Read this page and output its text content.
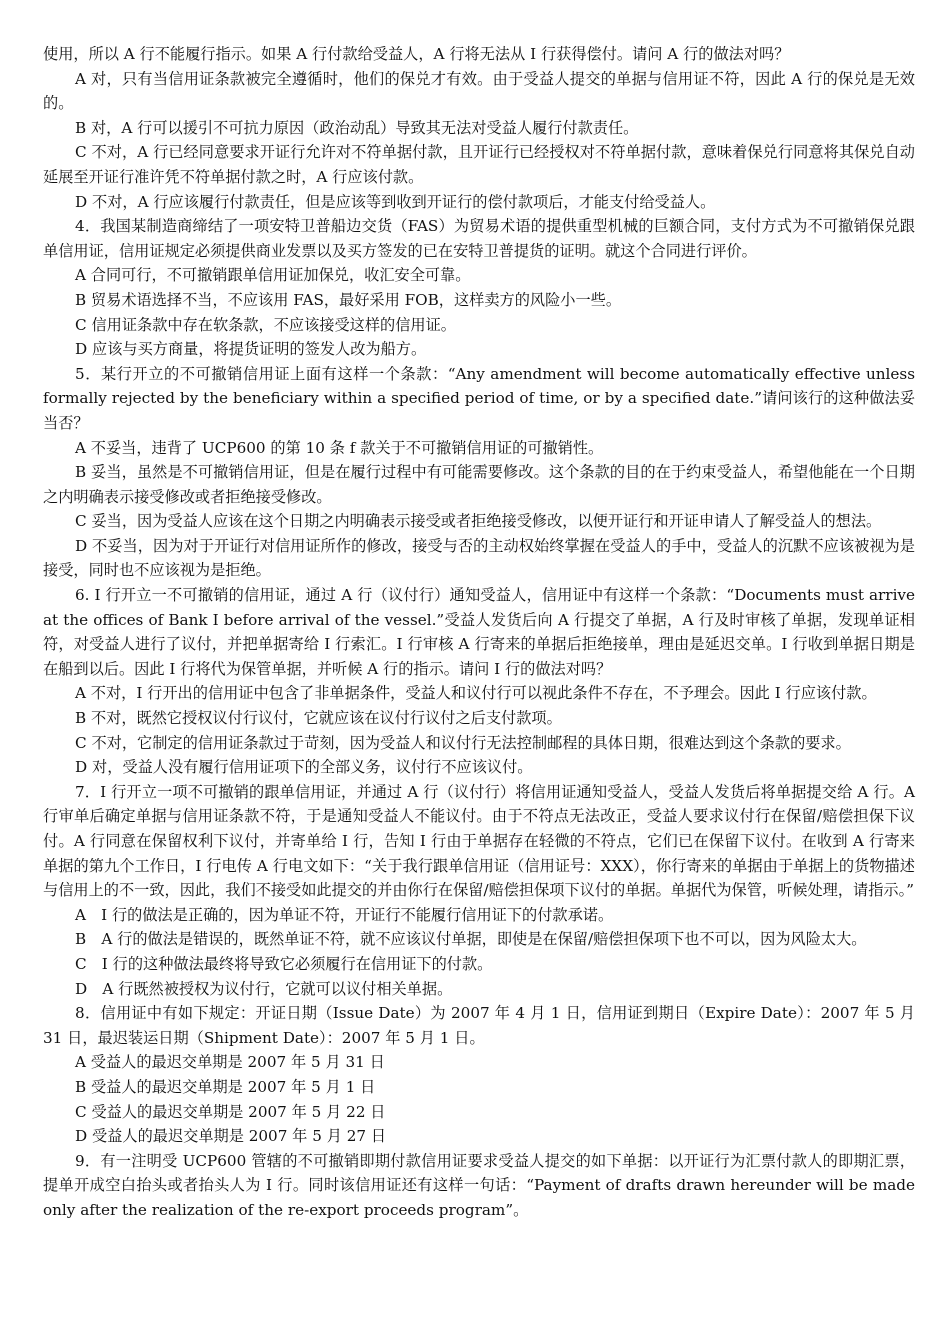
使用，所以 A 行不能履行指示。如果 A 行付款给受益人，A 行将无法从 I 行获得偿付。请问 A 行的做法对吗？

A 对，只有当信用证条款被完全遵循时，他们的保兑才有效。由于受益人提交的单据与信用证不符，因此 A 行的保兑是无效的。

B 对，A 行可以援引不可抗力原因（政治动乱）导致其无法对受益人履行付款责任。

C 不对，A 行已经同意要求开证行允许对不符单据付款，且开证行已经授权对不符单据付款，意味着保兑行同意将其保兑自动延展至开证行准许凭不符单据付款之时，A 行应该付款。

D 不对，A 行应该履行付款责任，但是应该等到收到开证行的偿付款项后，才能支付给受益人。

4．我国某制造商缔结了一项安特卫普船边交货（FAS）为贸易术语的提供重型机械的巨额合同，支付方式为不可撤销保兑跟单信用证，信用证规定必须提供商业发票以及买方签发的已在安特卫普提货的证明。就这个合同进行评价。

A 合同可行，不可撤销跟单信用证加保兑，收汇安全可靠。

B 贸易术语选择不当，不应该用 FAS，最好采用 FOB，这样卖方的风险小一些。

C 信用证条款中存在软条款，不应该接受这样的信用证。

D 应该与买方商量，将提货证明的签发人改为船方。

5．某行开立的不可撤销信用证上面有这样一个条款：“Any amendment will become automatically effective unless formally rejected by the beneficiary within a specified period of time, or by a specified date.”请问该行的这种做法妥当否？

A 不妥当，违背了 UCP600 的第 10 条 f 款关于不可撤销信用证的可撤销性。

B 妥当，虽然是不可撤销信用证，但是在履行过程中有可能需要修改。这个条款的目的在于约束受益人，希望他能在一个日期之内明确表示接受修改或者拒绝接受修改。

C 妥当，因为受益人应该在这个日期之内明确表示接受或者拒绝接受修改，以便开证行和开证申请人了解受益人的想法。

D 不妥当，因为对于开证行对信用证所作的修改，接受与否的主动权始终掌握在受益人的手中，受益人的沉默不应该被视为是接受，同时也不应该视为是拒绝。

6. I 行开立一不可撤销的信用证，通过 A 行（议付行）通知受益人，信用证中有这样一个条款：“Documents must arrive at the offices of Bank I before arrival of the vessel.”受益人发货后向 A 行提交了单据，A 行及时审核了单据，发现单证相符，对受益人进行了议付，并把单据寄给 I 行索汇。I 行审核 A 行寄来的单据后拒绝接单，理由是延迟交单。I 行收到单据日期是在船到以后。因此 I 行将代为保管单据，并听候 A 行的指示。请问 I 行的做法对吗？

A 不对，I 行开出的信用证中包含了非单据条件，受益人和议付行可以视此条件不存在，不予理会。因此 I 行应该付款。

B 不对，既然它授权议付行议付，它就应该在议付行议付之后支付款项。

C 不对，它制定的信用证条款过于苛刻，因为受益人和议付行无法控制邮程的具体日期，很难达到这个条款的要求。

D 对，受益人没有履行信用证项下的全部义务，议付行不应该议付。

7．I 行开立一项不可撤销的跟单信用证，并通过 A 行（议付行）将信用证通知受益人，受益人发货后将单据提交给 A 行。A 行审单后确定单据与信用证条款不符，于是通知受益人不能议付。由于不符点无法改正，受益人要求议付行在保留/赔偿担保下议付。A 行同意在保留权利下议付，并寄单给 I 行，告知 I 行由于单据存在轻微的不符点，它们已在保留下议付。在收到 A 行寄来单据的第九个工作日，I 行电传 A 行电文如下：“关于我行跟单信用证（信用证号：XXX），你行寄来的单据由于单据上的货物描述与信用上的不一致，因此，我们不接受如此提交的并由你行在保留/赔偿担保项下议付的单据。单据代为保管，听候处理，请指示。”

A　I 行的做法是正确的，因为单证不符，开证行不能履行信用证下的付款承诺。

B　A 行的做法是错误的，既然单证不符，就不应该议付单据，即使是在保留/赔偿担保项下也不可以，因为风险太大。

C　I 行的这种做法最终将导致它必须履行在信用证下的付款。

D　A 行既然被授权为议付行，它就可以议付相关单据。

8．信用证中有如下规定：开证日期（Issue Date）为 2007 年 4 月 1 日，信用证到期日（Expire Date）：2007 年 5 月 31 日，最迟装运日期（Shipment Date）：2007 年 5 月 1 日。

A 受益人的最迟交单期是 2007 年 5 月 31 日

B 受益人的最迟交单期是 2007 年 5 月 1 日

C 受益人的最迟交单期是 2007 年 5 月 22 日

D 受益人的最迟交单期是 2007 年 5 月 27 日

9．有一注明受 UCP600 管辖的不可撤销即期付款信用证要求受益人提交的如下单据：以开证行为汇票付款人的即期汇票，提单开成空白抬头或者抬头人为 I 行。同时该信用证还有这样一句话：“Payment of drafts drawn hereunder will be made only after the realization of the re-export proceeds program”。
